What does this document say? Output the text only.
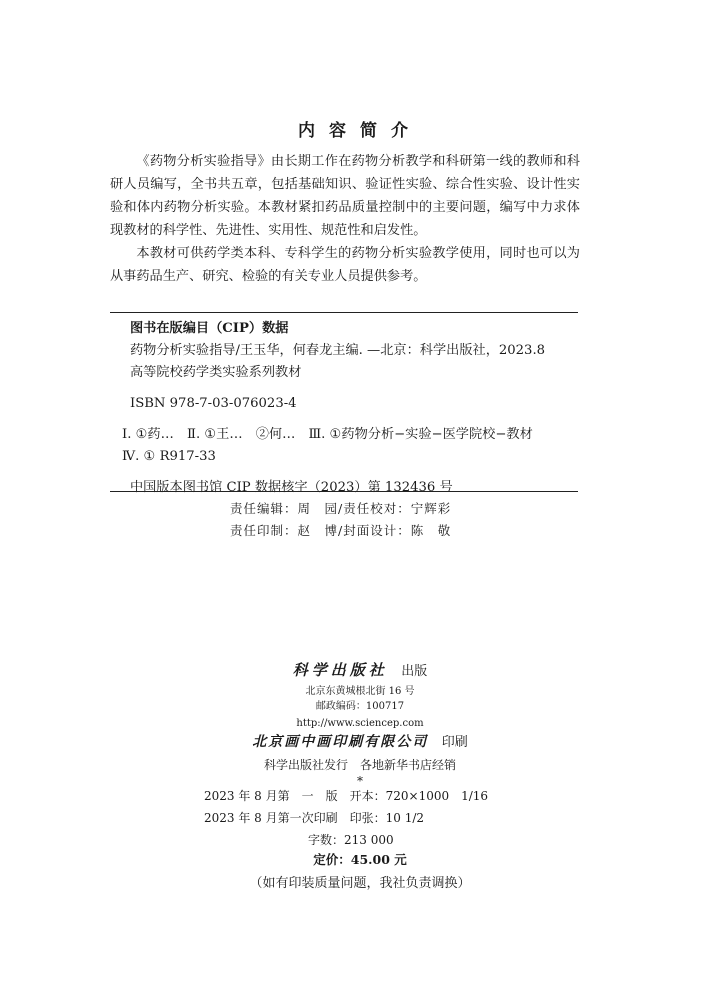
内容简介

《药物分析实验指导》由长期工作在药物分析教学和科研第一线的教师和科研人员编写，全书共五章，包括基础知识、验证性实验、综合性实验、设计性实验和体内药物分析实验。本教材紧扣药品质量控制中的主要问题，编写中力求体现教材的科学性、先进性、实用性、规范性和启发性。

本教材可供药学类本科、专科学生的药物分析实验教学使用，同时也可以为从事药品生产、研究、检验的有关专业人员提供参考。

图书在版编目（CIP）数据
药物分析实验指导/王玉华，何春龙主编. —北京：科学出版社，2023.8
高等院校药学类实验系列教材
ISBN 978-7-03-076023-4
Ⅰ. ①药…　Ⅱ. ①王…　②何…　Ⅲ. ①药物分析−实验−医学院校−教材
Ⅳ. ① R917-33
中国版本图书馆 CIP 数据核字（2023）第 132436 号
责任编辑：周　园/责任校对：宁辉彩
责任印制：赵　博/封面设计：陈　敬
科学出版社 出版
北京东黄城根北街 16 号
邮政编码：100717
http://www.sciencep.com
北京画中画印刷有限公司 印刷
科学出版社发行　各地新华书店经销
*
2023 年 8 月第　一　版　开本：720×1000　1/16
2023 年 8 月第一次印刷　印张：10 1/2
字数：213 000
定价：45.00 元
（如有印装质量问题，我社负责调换）
